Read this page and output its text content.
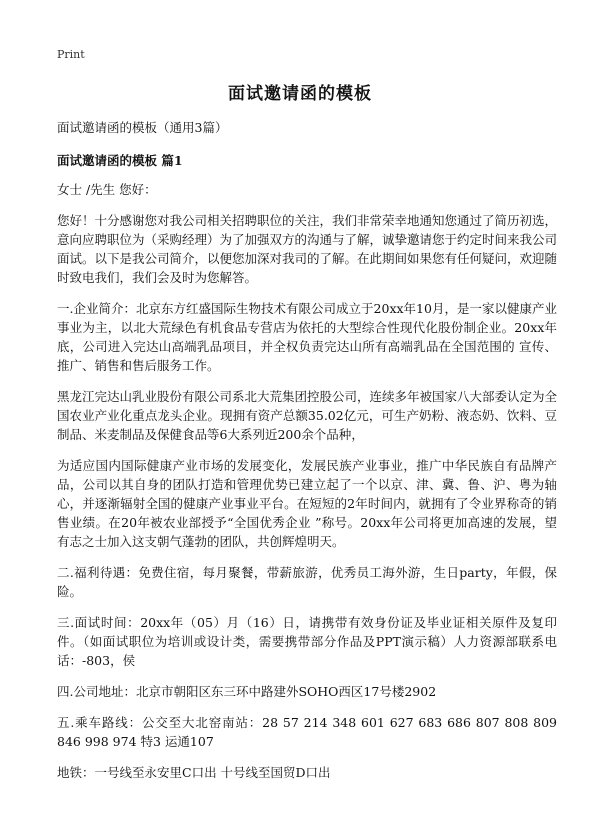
Print
面试邀请函的模板

面试邀请函的模板（通用3篇）

面试邀请函的模板 篇1

女士 /先生 您好：

您好！十分感谢您对我公司相关招聘职位的关注，我们非常荣幸地通知您通过了简历初选，意向应聘职位为（采购经理）为了加强双方的沟通与了解，诚挚邀请您于约定时间来我公司面试。以下是我公司简介，以便您加深对我司的了解。在此期间如果您有任何疑问，欢迎随时致电我们，我们会及时为您解答。

一.企业简介：北京东方红盛国际生物技术有限公司成立于20xx年10月，是一家以健康产业事业为主，以北大荒绿色有机食品专营店为依托的大型综合性现代化股份制企业。20xx年底，公司进入完达山高端乳品项目，并全权负责完达山所有高端乳品在全国范围的 宣传、推广、销售和售后服务工作。

黑龙江完达山乳业股份有限公司系北大荒集团控股公司，连续多年被国家八大部委认定为全国农业产业化重点龙头企业。现拥有资产总额35.02亿元，可生产奶粉、液态奶、饮料、豆制品、米麦制品及保健食品等6大系列近200余个品种，

为适应国内国际健康产业市场的发展变化，发展民族产业事业，推广中华民族自有品牌产品，公司以其自身的团队打造和管理优势已建立起了一个以京、津、冀、鲁、沪、粤为轴心，并逐渐辐射全国的健康产业事业平台。在短短的2年时间内，就拥有了令业界称奇的销售业绩。在20年被农业部授予“全国优秀企业 ”称号。20xx年公司将更加高速的发展，望有志之士加入这支朝气蓬勃的团队，共创辉煌明天。

二.福利待遇：免费住宿，每月聚餐，带薪旅游，优秀员工海外游，生日party，年假，保险。

三.面试时间：20xx年（05）月（16）日，请携带有效身份证及毕业证相关原件及复印件。（如面试职位为培训或设计类，需要携带部分作品及PPT演示稿）人力资源部联系电话：-803，侯

四.公司地址：北京市朝阳区东三环中路建外SOHO西区17号楼2902

五.乘车路线：公交至大北窑南站：28 57 214 348 601 627 683 686 807 808 809 846 998 974 特3 运通107

地铁：一号线至永安里C口出 十号线至国贸D口出
